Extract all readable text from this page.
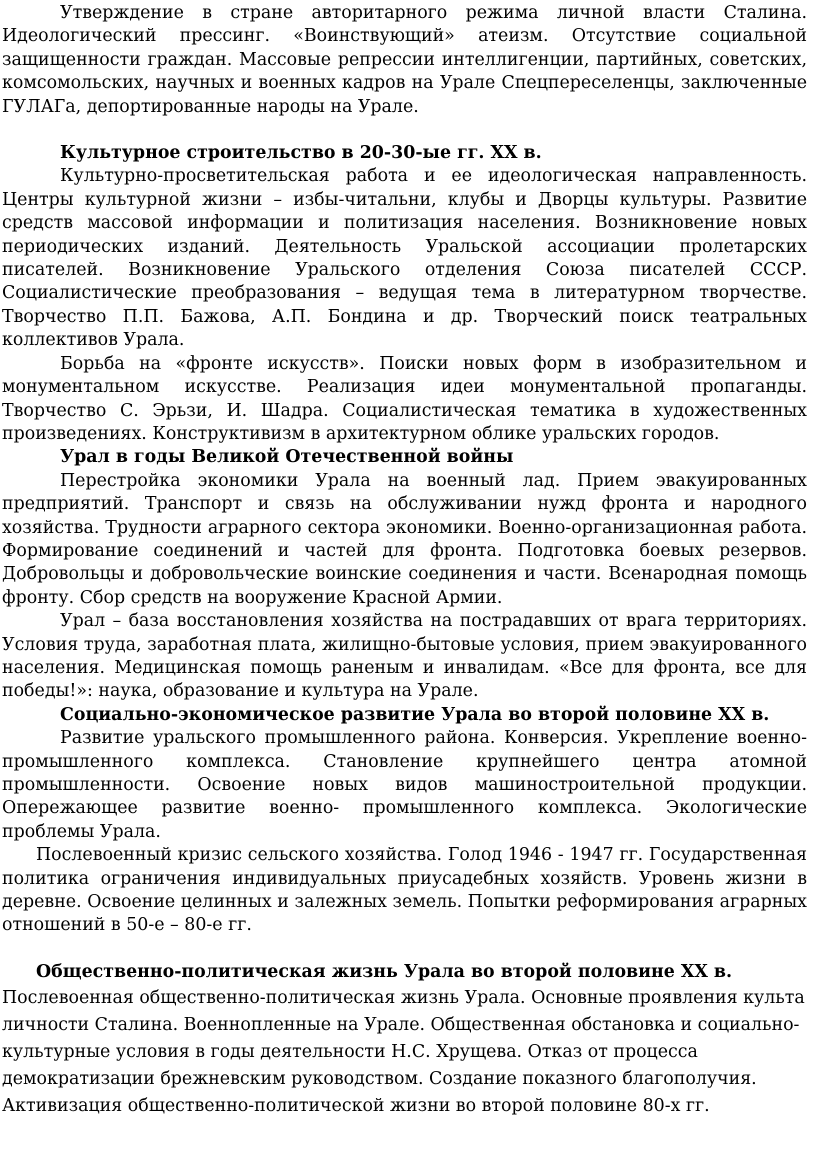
Утверждение в стране авторитарного режима личной власти Сталина. Идеологический прессинг. «Воинствующий» атеизм. Отсутствие социальной защищенности граждан. Массовые репрессии интеллигенции, партийных, советских, комсомольских, научных и военных кадров на Урале Спецпереселенцы, заключенные ГУЛАГа, депортированные народы на Урале.

Культурное строительство в 20-30-ые гг. XX в.

Культурно-просветительская работа и ее идеологическая направленность. Центры культурной жизни – избы-читальни, клубы и Дворцы культуры. Развитие средств массовой информации и политизация населения. Возникновение новых периодических изданий. Деятельность Уральской ассоциации пролетарских писателей. Возникновение Уральского отделения Союза писателей СССР. Социалистические преобразования – ведущая тема в литературном творчестве. Творчество П.П. Бажова, А.П. Бондина и др. Творческий поиск театральных коллективов Урала.

Борьба на «фронте искусств». Поиски новых форм в изобразительном и монументальном искусстве. Реализация идеи монументальной пропаганды. Творчество С. Эрьзи, И. Шадра. Социалистическая тематика в художественных произведениях. Конструктивизм в архитектурном облике уральских городов.

Урал в годы Великой Отечественной войны

Перестройка экономики Урала на военный лад. Прием эвакуированных предприятий. Транспорт и связь на обслуживании нужд фронта и народного хозяйства. Трудности аграрного сектора экономики. Военно-организационная работа. Формирование соединений и частей для фронта. Подготовка боевых резервов. Добровольцы и добровольческие воинские соединения и части. Всенародная помощь фронту. Сбор средств на вооружение Красной Армии.

Урал – база восстановления хозяйства на пострадавших от врага территориях. Условия труда, заработная плата, жилищно-бытовые условия, прием эвакуированного населения. Медицинская помощь раненым и инвалидам. «Все для фронта, все для победы!»: наука, образование и культура на Урале.

Социально-экономическое развитие Урала во второй половине XX в.

Развитие уральского промышленного района. Конверсия. Укрепление военно-промышленного комплекса. Становление крупнейшего центра атомной промышленности. Освоение новых видов машиностроительной продукции. Опережающее развитие военно- промышленного комплекса. Экологические проблемы Урала.

Послевоенный кризис сельского хозяйства. Голод 1946 - 1947 гг. Государственная политика ограничения индивидуальных приусадебных хозяйств. Уровень жизни в деревне. Освоение целинных и залежных земель. Попытки реформирования аграрных отношений в 50-е – 80-е гг.

Общественно-политическая жизнь Урала во второй половине XX в.

Послевоенная общественно-политическая жизнь Урала. Основные проявления культа личности Сталина. Военнопленные на Урале. Общественная обстановка и социально-культурные условия в годы деятельности Н.С. Хрущева. Отказ от процесса демократизации брежневским руководством. Создание показного благополучия. Активизация общественно-политической жизни во второй половине 80-х гг.
